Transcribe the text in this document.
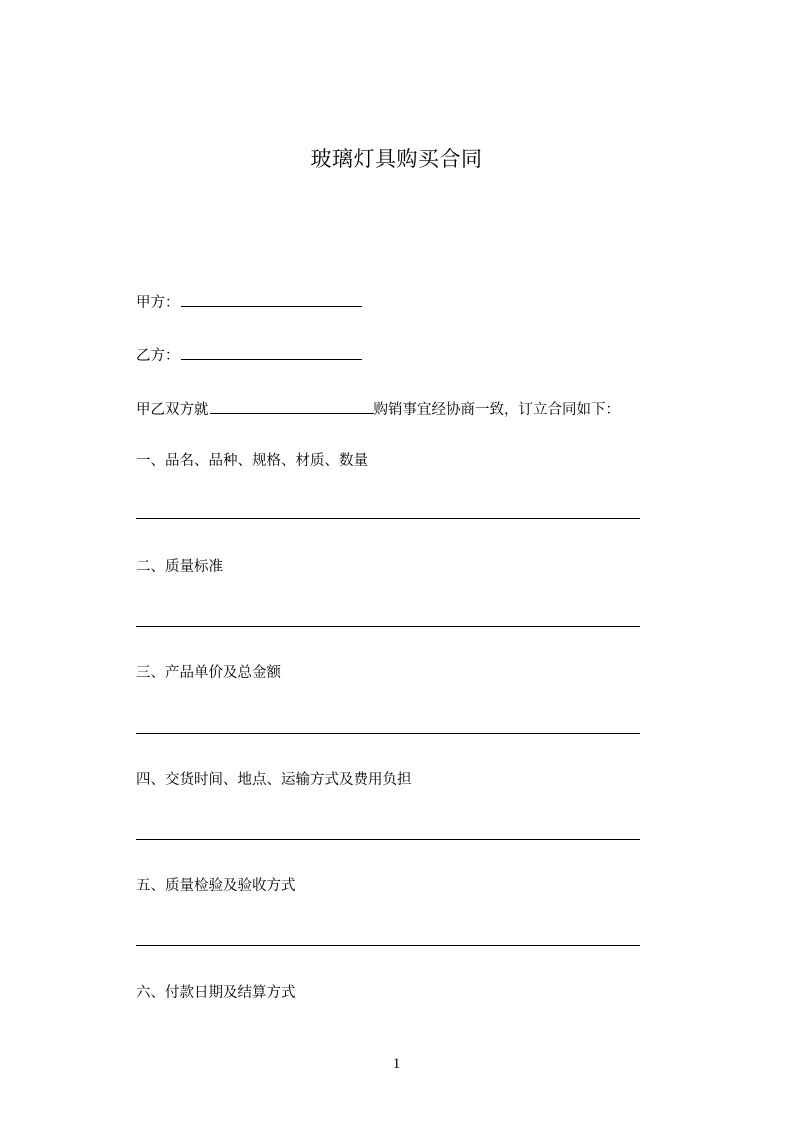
玻璃灯具购买合同
甲方：
乙方：
甲乙双方就	购销事宜经协商一致，订立合同如下：
一、品名、品种、规格、材质、数量
二、质量标准
三、产品单价及总金额
四、交货时间、地点、运输方式及费用负担
五、质量检验及验收方式
六、付款日期及结算方式
1
